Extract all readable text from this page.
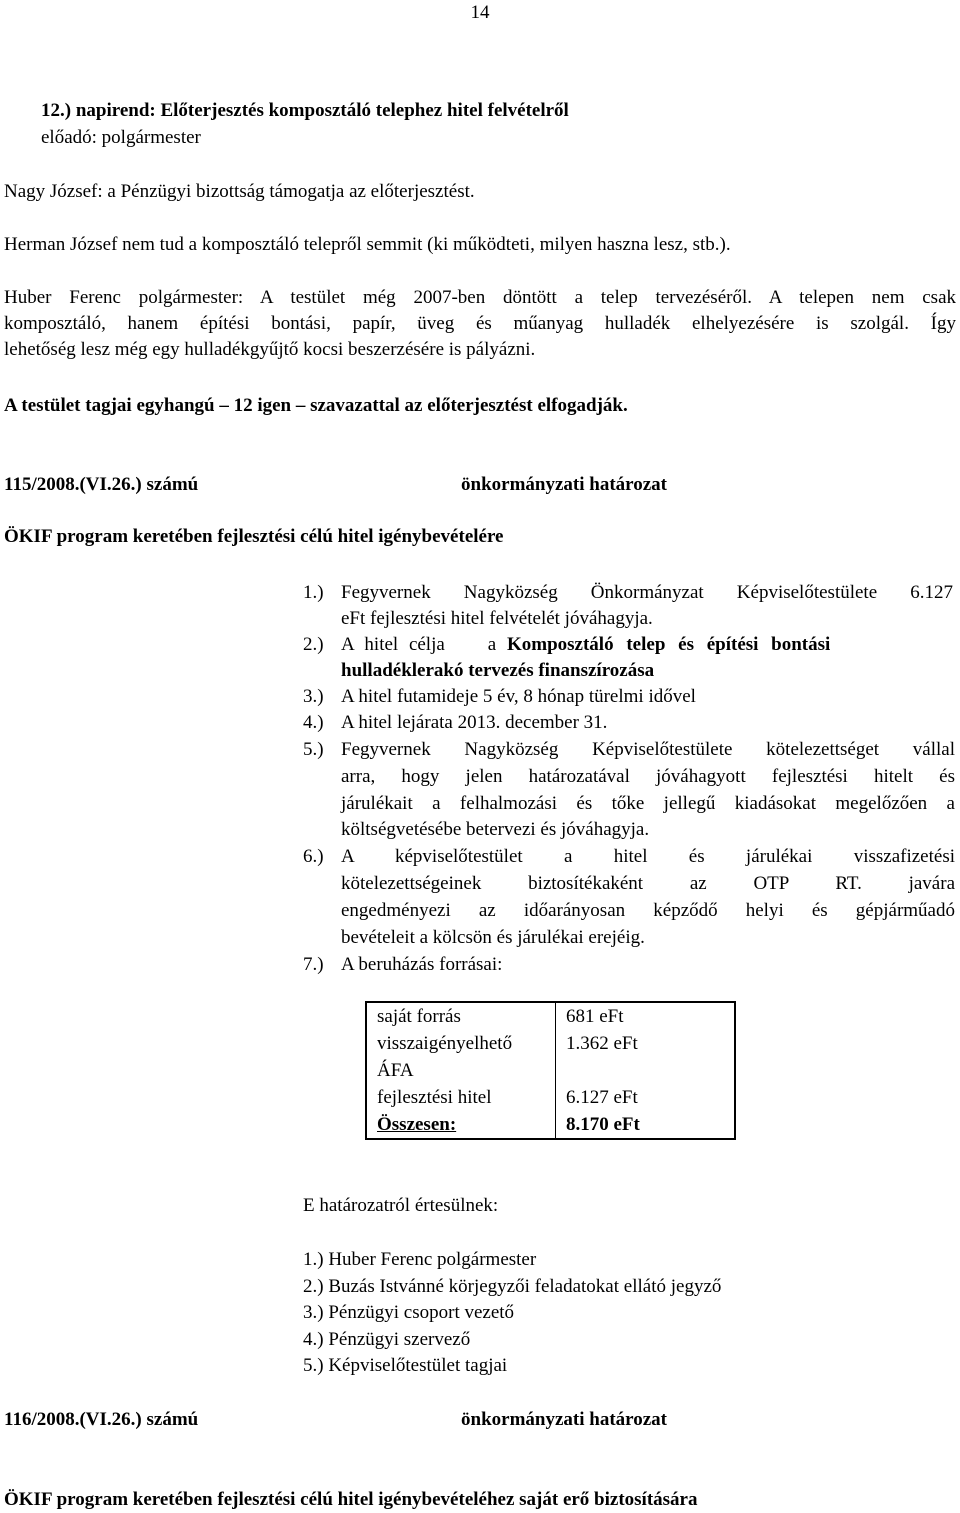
14
12.) napirend: Előterjesztés komposztáló telephez hitel felvételről
előadó: polgármester
Nagy József: a Pénzügyi bizottság támogatja az előterjesztést.
Herman József nem tud a komposztáló telepről semmit (ki működteti, milyen haszna lesz, stb.).
Huber Ferenc polgármester: A testület még 2007-ben döntött a telep tervezéséről. A telepen nem csak
komposztáló, hanem építési bontási, papír, üveg és műanyag hulladék elhelyezésére is szolgál. Így
lehetőség lesz még egy hulladékgyűjtő kocsi beszerzésére is pályázni.
A testület tagjai egyhangú – 12 igen – szavazattal az előterjesztést elfogadják.
115/2008.(VI.26.) számú	önkormányzati határozat
ÖKIF program keretében fejlesztési célú hitel igénybevételére
1.) Fegyvernek Nagyközség Önkormányzat Képviselőtestülete 6.127
eFt fejlesztési hitel felvételét jóváhagyja.
2.) A hitel célja    a Komposztáló telep és építési bontási
hulladéklerakó tervezés finanszírozása
3.) A hitel futamideje 5 év, 8 hónap türelmi idővel
4.) A hitel lejárata 2013. december 31.
5.) Fegyvernek Nagyközség Képviselőtestülete kötelezettséget vállal
arra, hogy jelen határozatával jóváhagyott fejlesztési hitelt és
járulékait a felhalmozási és tőke jellegű kiadásokat megelőzően a
költségvetésébe betervezi és jóváhagyja.
6.) A képviselőtestület a hitel és járulékai visszafizetési
kötelezettségeinek biztosítékaként az OTP RT. javára
engedményezi az időarányosan képződő helyi és gépjárműadó
bevételeit a kölcsön és járulékai erejéig.
7.) A beruházás forrásai:
saját forrás	681 eFt
visszaigényelhető ÁFA	1.362 eFt
fejlesztési hitel	6.127 eFt
Összesen:	8.170 eFt
E határozatról értesülnek:
1.) Huber Ferenc polgármester
2.) Buzás Istvánné körjegyzői feladatokat ellátó jegyző
3.) Pénzügyi csoport vezető
4.) Pénzügyi szervező
5.) Képviselőtestület tagjai
116/2008.(VI.26.) számú	önkormányzati határozat
ÖKIF program keretében fejlesztési célú hitel igénybevételéhez saját erő biztosítására
